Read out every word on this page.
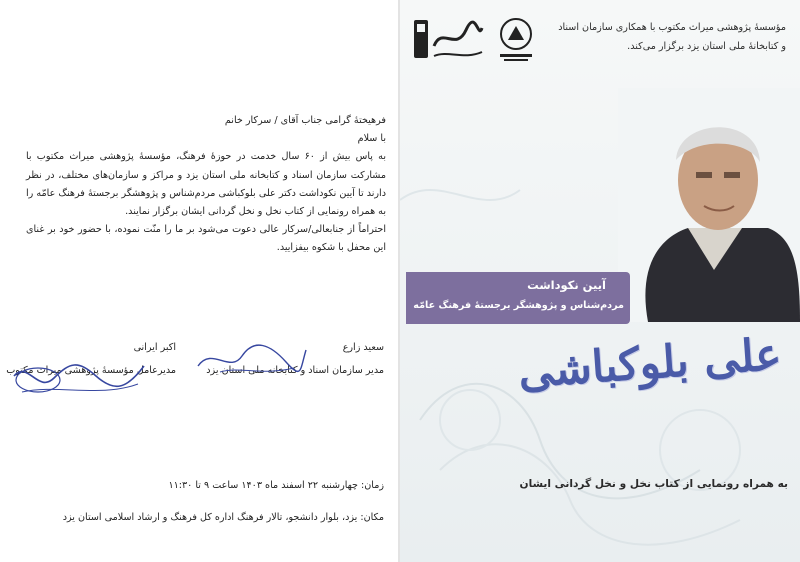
فرهیختهٔ گرامی جناب آقای / سرکار خانم

با سلام

به پاس بیش از ۶۰ سال خدمت در حوزهٔ فرهنگ، مؤسسهٔ پژوهشی میراث مکتوب با مشارکت سازمان اسناد و کتابخانه ملی استان یزد و مراکز و سازمان‌های مختلف، در نظر دارند تا آیین نکوداشت دکتر علی بلوکباشی مردم‌شناس و پژوهشگر برجستهٔ فرهنگ عامّه را به همراه رونمایی از کتاب نخل و نخل گردانی ایشان برگزار نمایند.

احتراماً از جنابعالی/سرکار عالی دعوت می‌شود بر ما را منّت نموده، با حضور خود بر غنای این محفل با شکوه بیفزایید.

سعید زارع
مدیر سازمان اسناد و کتابخانه ملی استان یزد
اکبر ایرانی
مدیرعامل مؤسسهٔ پژوهشی میراث مکتوب
زمان: چهارشنبه ۲۲ اسفند ماه ۱۴۰۳ ساعت ۹ تا ۱۱:۳۰
مکان: یزد، بلوار دانشجو، تالار فرهنگ اداره کل فرهنگ و ارشاد اسلامی استان یزد
مؤسسهٔ پژوهشی میراث مکتوب با همکاری سازمان اسناد و کتابخانهٔ ملی استان یزد برگزار می‌کند.
آیین نکوداشت
مردم‌شناس و پژوهشگر برجستهٔ فرهنگ عامّه
علی بلوکباشی
به همراه رونمایی از کتاب نخل و نخل گردانی ایشان
